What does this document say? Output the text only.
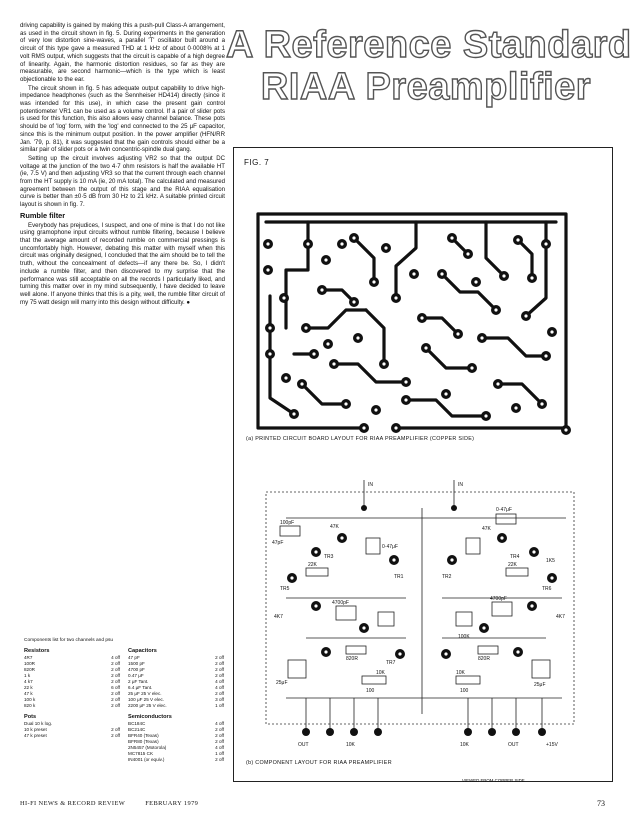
driving capability is gained by making this a push-pull Class-A arrangement, as used in the circuit shown in fig. 5. During experiments in the generation of very low distortion sine-waves, a parallel 'T' oscillator built around a circuit of this type gave a measured THD at 1 kHz of about 0·0008% at 1 volt RMS output, which suggests that the circuit is capable of a high degree of linearity. Again, the harmonic distortion residues, so far as they are measurable, are second harmonic—which is the type which is least objectionable to the ear.

The circuit shown in fig. 5 has adequate output capability to drive high-impedance headphones (such as the Sennheiser HD414) directly (since it was intended for this use), in which case the present gain control potentiometer VR1 can be used as a volume control. If a pair of slider pots is used for this function, this also allows easy channel balance. These pots should be of 'log' form, with the 'log' end connected to the 25 μF capacitor, since this is the minimum output position. In the power amplifier (HFN/RR Jan. '79, p. 81), it was suggested that the gain controls should either be a similar pair of slider pots or a twin concentric-spindle dual gang.

Setting up the circuit involves adjusting VR2 so that the output DC voltage at the junction of the two 4·7 ohm resistors is half the available HT (ie, 7.5 V) and then adjusting VR3 so that the current through each channel from the HT supply is 10 mA (ie, 20 mA total). The calculated and measured agreement between the output of this stage and the RIAA equalisation curve is better than ±0·5 dB from 30 Hz to 21 kHz. A suitable printed circuit layout is shown in fig. 7.

Rumble filter

Everybody has prejudices, I suspect, and one of mine is that I do not like using gramophone input circuits without rumble filtering, because I believe that the average amount of recorded rumble on commercial pressings is uncomfortably high. However, debating this matter with myself when this circuit was originally designed, I concluded that the aim should be to tell the truth, without the concealment of defects—if any there be. So, I didn't include a rumble filter, and then discovered to my surprise that the performance was still acceptable on all the records I particularly liked, and turning this matter over in my mind subsequently, I have decided to leave well alone. If anyone thinks that this is a pity, well, the rumble filter circuit of my 75 watt design will marry into this design without difficulty. ●

Components list for two channels and psu
Resistors
4R7	4 off
100R	2 off
820R	2 off
1 k	2 off
4 k7	2 off
22 k	6 off
47 k	2 off
100 k	2 off
820 k	2 off
Pots
Dual 10 k log.
10 k preset	2 off
47 k preset	2 off
Capacitors
47 pF	2 off
1500 pF	2 off
4700 pF	2 off
0.47 μF	2 off
2 μF Tant.	4 off
6.4 μF Tant.	4 off
25 μF 25 V elec.	2 off
100 μF 25 V elec.	3 off
2200 μF 25 V elec.	1 off
Semiconductors
BC184C	4 off
BC214C	2 off
BFR40 (Texas)	2 off
BFR80 (Texas)	2 off
2N5457 (Motorola)	4 off
MC7815 CK	1 off
IN4001 (or equiv.)	2 off
A Reference Standard
RIAA Preamplifier
FIG. 7
(a) PRINTED CIRCUIT BOARD LAYOUT FOR RIAA PREAMPLIFIER (COPPER SIDE)
IN	IN
100pF
0·47μF
0·47μF
47pF
TR1	TR2
TR3	TR4
TR5	TR6
TR7
47K	47K
22K	22K
1K5
4700pF
4700pF
820R	820R
4K7	4K7
100K
10K	10K
100	100
25μF	25μF
OUT	10K	10K	OUT	+15V
(b) COMPONENT LAYOUT FOR RIAA PREAMPLIFIER
VIEWED FROM COPPER SIDE
HI-FI NEWS & RECORD REVIEW	FEBRUARY 1979	73
